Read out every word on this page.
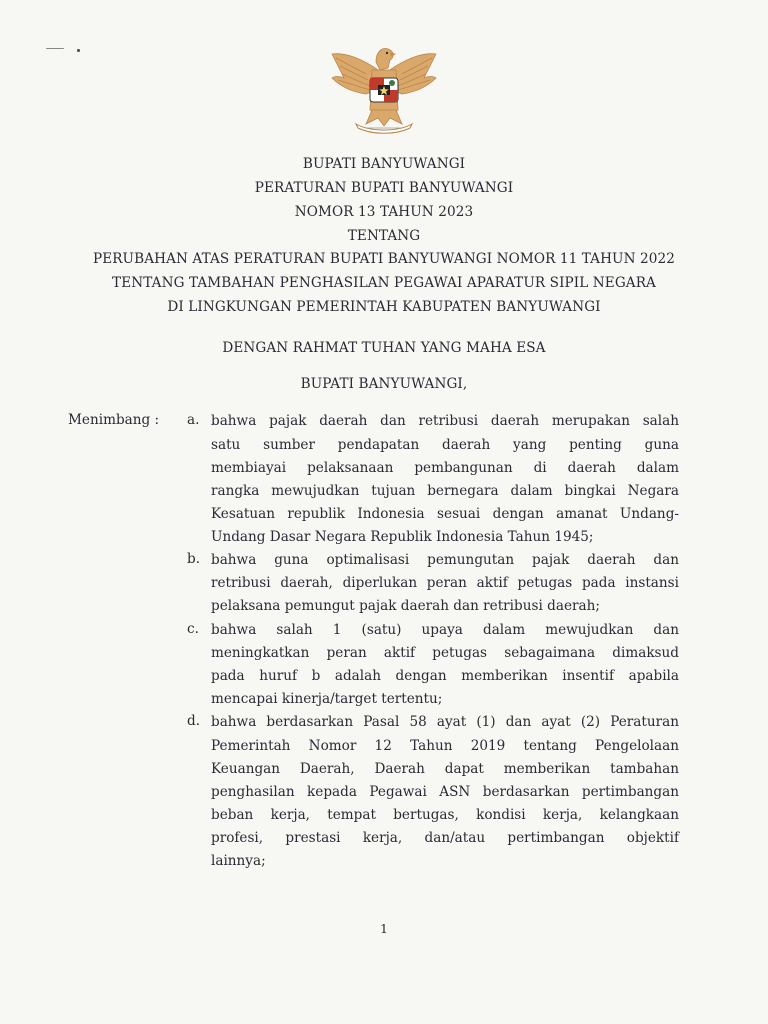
BUPATI BANYUWANGI
PERATURAN BUPATI BANYUWANGI
NOMOR 13 TAHUN 2023
TENTANG
PERUBAHAN ATAS PERATURAN BUPATI BANYUWANGI NOMOR 11 TAHUN 2022
TENTANG TAMBAHAN PENGHASILAN PEGAWAI APARATUR SIPIL NEGARA
DI LINGKUNGAN PEMERINTAH KABUPATEN BANYUWANGI
DENGAN RAHMAT TUHAN YANG MAHA ESA
BUPATI BANYUWANGI,
Menimbang : a. bahwa pajak daerah dan retribusi daerah merupakan salah
satu sumber pendapatan daerah yang penting guna
membiayai pelaksanaan pembangunan di daerah dalam
rangka mewujudkan tujuan bernegara dalam bingkai Negara
Kesatuan republik Indonesia sesuai dengan amanat Undang-
Undang Dasar Negara Republik Indonesia Tahun 1945;
b. bahwa guna optimalisasi pemungutan pajak daerah dan
retribusi daerah, diperlukan peran aktif petugas pada instansi
pelaksana pemungut pajak daerah dan retribusi daerah;
c. bahwa salah 1 (satu) upaya dalam mewujudkan dan
meningkatkan peran aktif petugas sebagaimana dimaksud
pada huruf b adalah dengan memberikan insentif apabila
mencapai kinerja/target tertentu;
d. bahwa berdasarkan Pasal 58 ayat (1) dan ayat (2) Peraturan
Pemerintah Nomor 12 Tahun 2019 tentang Pengelolaan
Keuangan Daerah, Daerah dapat memberikan tambahan
penghasilan kepada Pegawai ASN berdasarkan pertimbangan
beban kerja, tempat bertugas, kondisi kerja, kelangkaan
profesi, prestasi kerja, dan/atau pertimbangan objektif
lainnya;
1
